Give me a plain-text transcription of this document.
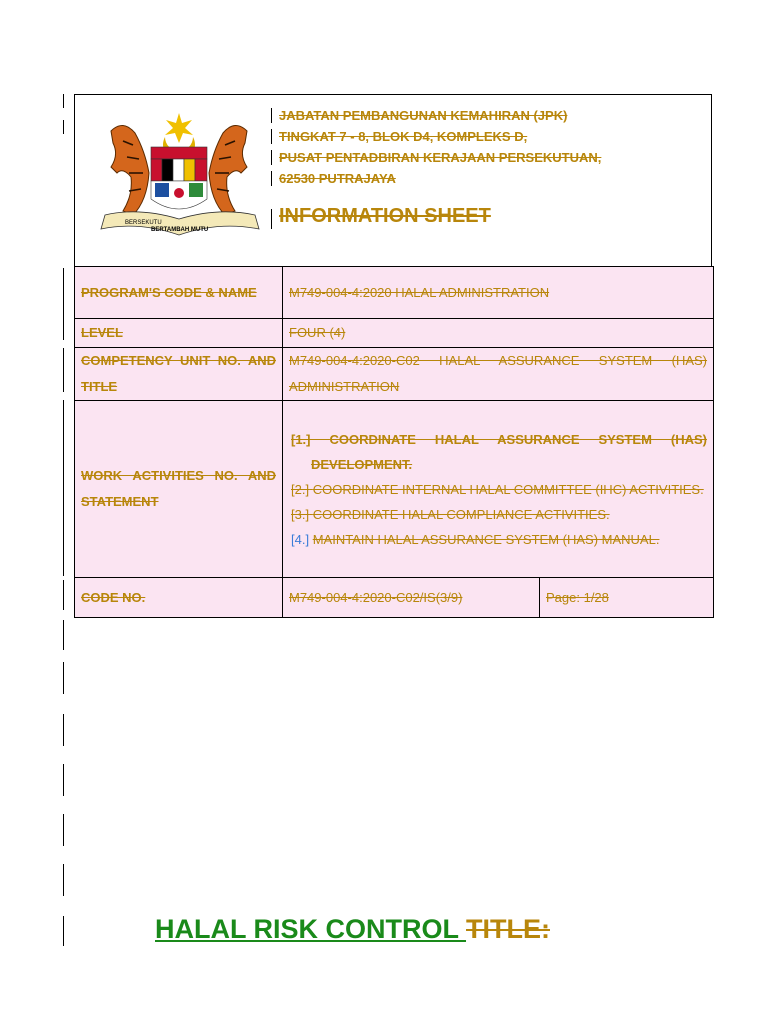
BERSEKUTU
BERTAMBAH MUTU
JABATAN PEMBANGUNAN KEMAHIRAN (JPK)
TINGKAT 7 - 8, BLOK D4, KOMPLEKS D,
PUSAT PENTADBIRAN KERAJAAN PERSEKUTUAN,
62530 PUTRAJAYA
INFORMATION SHEET
PROGRAM'S CODE & NAME	M749-004-4:2020 HALAL ADMINISTRATION	
LEVEL	FOUR (4)	
COMPETENCY UNIT NO. AND TITLE	M749-004-4:2020-C02 HALAL ASSURANCE SYSTEM (HAS) ADMINISTRATION	
WORK ACTIVITIES NO. AND STATEMENT	[1.] COORDINATE HALAL ASSURANCE SYSTEM (HAS) DEVELOPMENT.
[2.] COORDINATE INTERNAL HALAL COMMITTEE (IHC) ACTIVITIES.
[3.] COORDINATE HALAL COMPLIANCE ACTIVITIES.
[4.] MAINTAIN HALAL ASSURANCE SYSTEM (HAS) MANUAL.	

CODE NO.	M749-004-4:2020-C02/IS(3/9)	Page: 1/28
HALAL RISK CONTROL TITLE:
